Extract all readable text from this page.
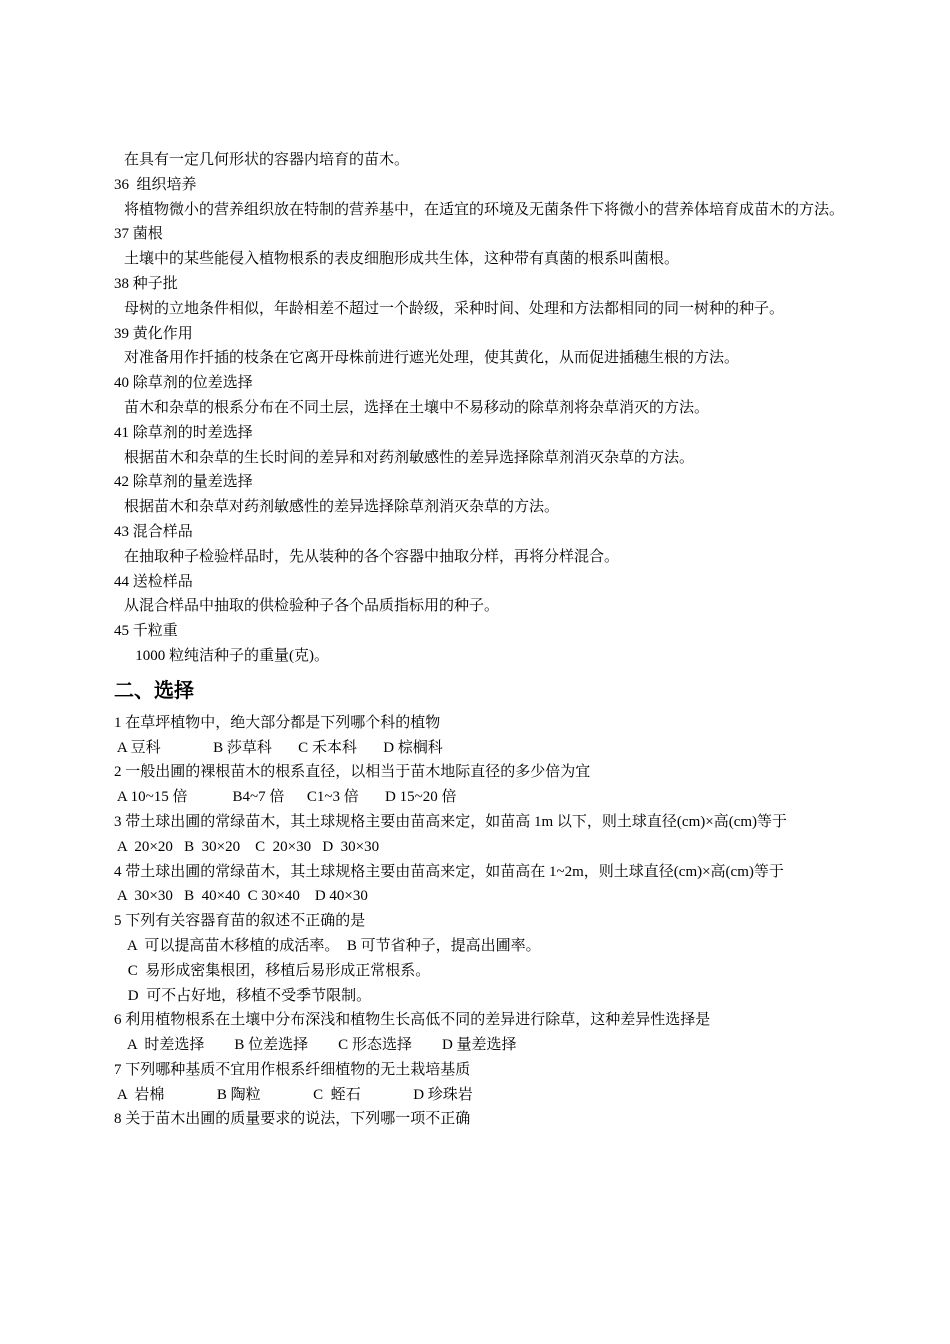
在具有一定几何形状的容器内培育的苗木。
36  组织培养
将植物微小的营养组织放在特制的营养基中，在适宜的环境及无菌条件下将微小的营养体培育成苗木的方法。
37 菌根
土壤中的某些能侵入植物根系的表皮细胞形成共生体，这种带有真菌的根系叫菌根。
38 种子批
母树的立地条件相似，年龄相差不超过一个龄级，采种时间、处理和方法都相同的同一树种的种子。
39 黄化作用
对准备用作扦插的枝条在它离开母株前进行遮光处理，使其黄化，从而促进插穗生根的方法。
40 除草剂的位差选择
苗木和杂草的根系分布在不同土层，选择在土壤中不易移动的除草剂将杂草消灭的方法。
41 除草剂的时差选择
根据苗木和杂草的生长时间的差异和对药剂敏感性的差异选择除草剂消灭杂草的方法。
42 除草剂的量差选择
根据苗木和杂草对药剂敏感性的差异选择除草剂消灭杂草的方法。
43 混合样品
在抽取种子检验样品时，先从装种的各个容器中抽取分样，再将分样混合。
44 送检样品
从混合样品中抽取的供检验种子各个品质指标用的种子。
45 千粒重
1000 粒纯洁种子的重量(克)。
二、选择
1 在草坪植物中，绝大部分都是下列哪个科的植物
A 豆科              B 莎草科       C 禾本科       D 棕榈科
2 一般出圃的裸根苗木的根系直径，以相当于苗木地际直径的多少倍为宜
A 10~15 倍            B4~7 倍      C1~3 倍       D 15~20 倍
3 带土球出圃的常绿苗木，其土球规格主要由苗高来定，如苗高 1m 以下，则土球直径(cm)×高(cm)等于
A  20×20   B  30×20    C  20×30   D  30×30
4 带土球出圃的常绿苗木，其土球规格主要由苗高来定，如苗高在 1~2m，则土球直径(cm)×高(cm)等于
A  30×30   B  40×40  C 30×40    D 40×30
5 下列有关容器育苗的叙述不正确的是
A  可以提高苗木移植的成活率。  B 可节省种子，提高出圃率。
C  易形成密集根团，移植后易形成正常根系。
D  可不占好地，移植不受季节限制。
6 利用植物根系在土壤中分布深浅和植物生长高低不同的差异进行除草，这种差异性选择是
A  时差选择        B 位差选择        C 形态选择        D 量差选择
7 下列哪种基质不宜用作根系纤细植物的无土栽培基质
A  岩棉              B 陶粒              C  蛭石              D 珍珠岩
8 关于苗木出圃的质量要求的说法，下列哪一项不正确
